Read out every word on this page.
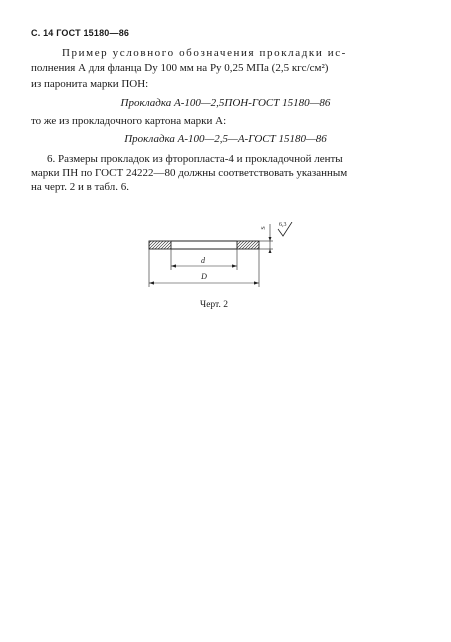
С. 14 ГОСТ 15180—86
Пример условного обозначения прокладки ис-
полнения А для фланца Dу 100 мм на Pу 0,25 МПа (2,5 кгс/см²)
из паронита марки ПОН:
Прокладка А-100—2,5ПОН-ГОСТ 15180—86
то же из прокладочного картона марки А:
Прокладка А-100—2,5—А-ГОСТ 15180—86
6. Размеры прокладок из фторопласта-4 и прокладочной ленты
марки ПН по ГОСТ 24222—80 должны соответствовать указанным
на черт. 2 и в табл. 6.
d
D
S 6,3
Черт. 2
